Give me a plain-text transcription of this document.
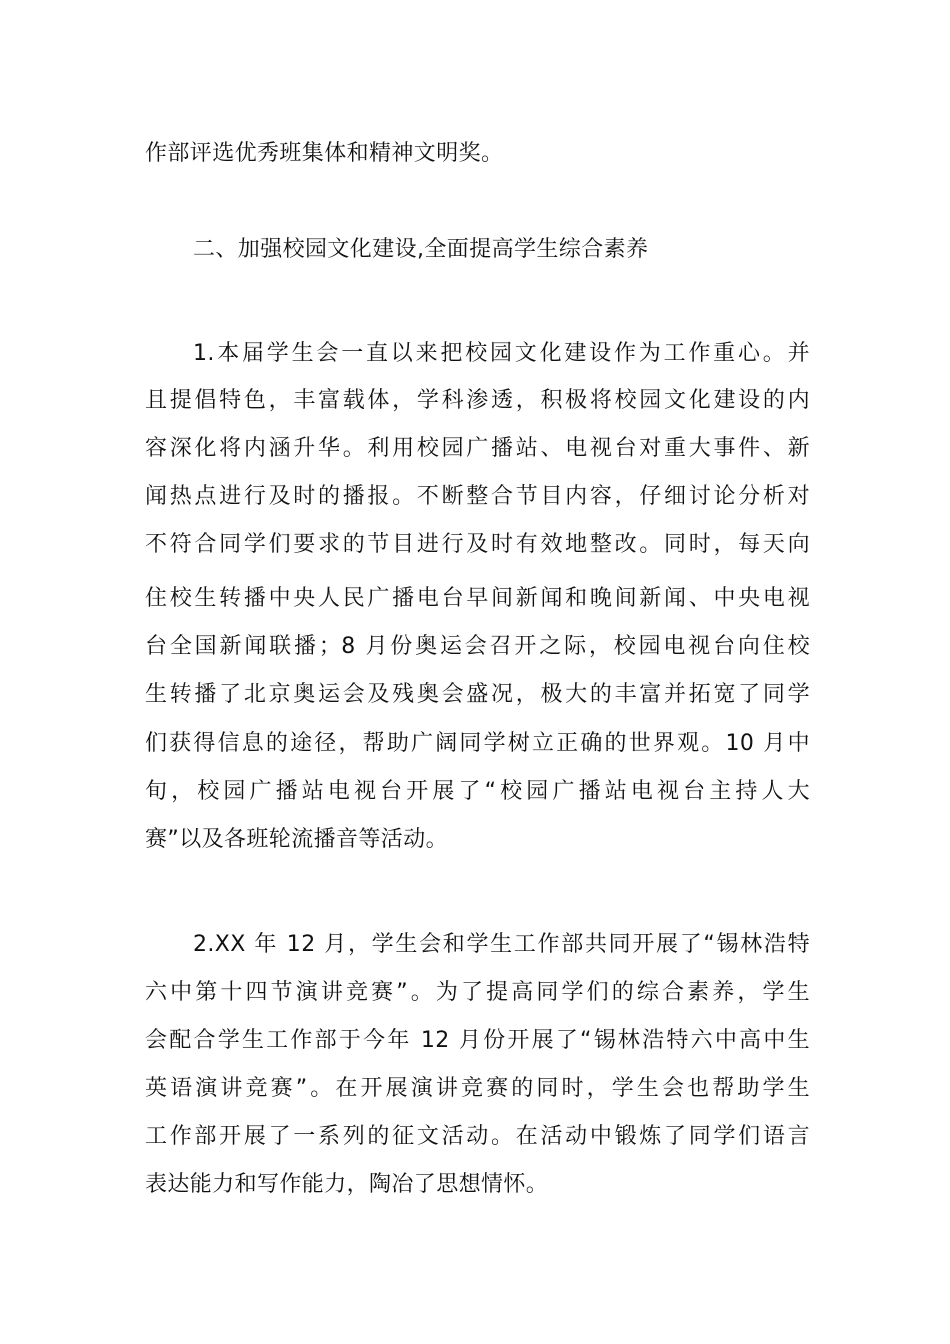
作部评选优秀班集体和精神文明奖。
二、加强校园文化建设,全面提高学生综合素养
1.本届学生会一直以来把校园文化建设作为工作重心。并
且提倡特色，丰富载体，学科渗透，积极将校园文化建设的内
容深化将内涵升华。利用校园广播站、电视台对重大事件、新
闻热点进行及时的播报。不断整合节目内容，仔细讨论分析对
不符合同学们要求的节目进行及时有效地整改。同时，每天向
住校生转播中央人民广播电台早间新闻和晚间新闻、中央电视
台全国新闻联播；8 月份奥运会召开之际，校园电视台向住校
生转播了北京奥运会及残奥会盛况，极大的丰富并拓宽了同学
们获得信息的途径，帮助广阔同学树立正确的世界观。10 月中
旬，校园广播站电视台开展了“校园广播站电视台主持人大
赛”以及各班轮流播音等活动。
2.XX 年 12 月，学生会和学生工作部共同开展了“锡林浩特
六中第十四节演讲竞赛”。为了提高同学们的综合素养，学生
会配合学生工作部于今年 12 月份开展了“锡林浩特六中高中生
英语演讲竞赛”。在开展演讲竞赛的同时，学生会也帮助学生
工作部开展了一系列的征文活动。在活动中锻炼了同学们语言
表达能力和写作能力，陶冶了思想情怀。
